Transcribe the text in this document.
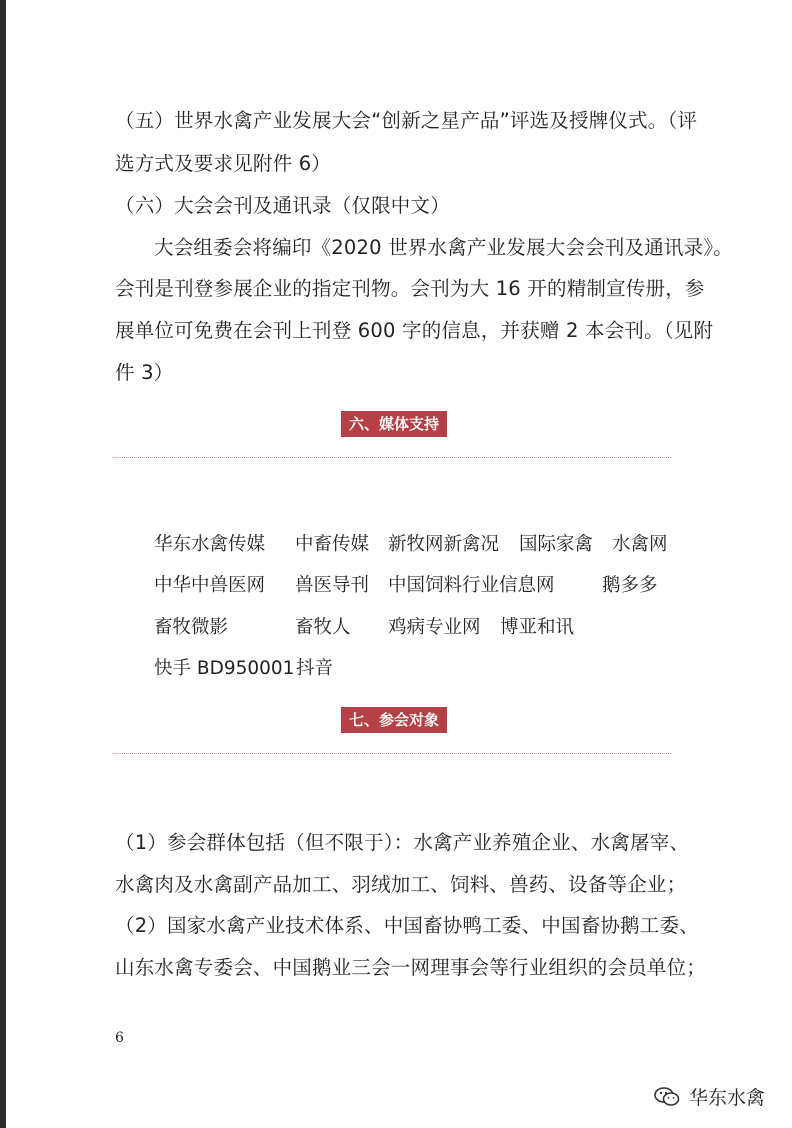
（五）世界水禽产业发展大会“创新之星产品”评选及授牌仪式。（评
选方式及要求见附件 6）
（六）大会会刊及通讯录（仅限中文）
大会组委会将编印《2020 世界水禽产业发展大会会刊及通讯录》。
会刊是刊登参展企业的指定刊物。会刊为大 16 开的精制宣传册，参
展单位可免费在会刊上刊登 600 字的信息，并获赠 2 本会刊。（见附
件 3）
六、媒体支持
华东水禽传媒 中畜传媒 新牧网新禽况 国际家禽 水禽网
中华中兽医网 兽医导刊 中国饲料行业信息网	鹅多多
畜牧微影	畜牧人 鸡病专业网 博亚和讯
快手 BD950001 抖音
七、参会对象
（1）参会群体包括（但不限于）：水禽产业养殖企业、水禽屠宰、
水禽肉及水禽副产品加工、羽绒加工、饲料、兽药、设备等企业；
（2）国家水禽产业技术体系、中国畜协鸭工委、中国畜协鹅工委、
山东水禽专委会、中国鹅业三会一网理事会等行业组织的会员单位；
6
华东水禽
